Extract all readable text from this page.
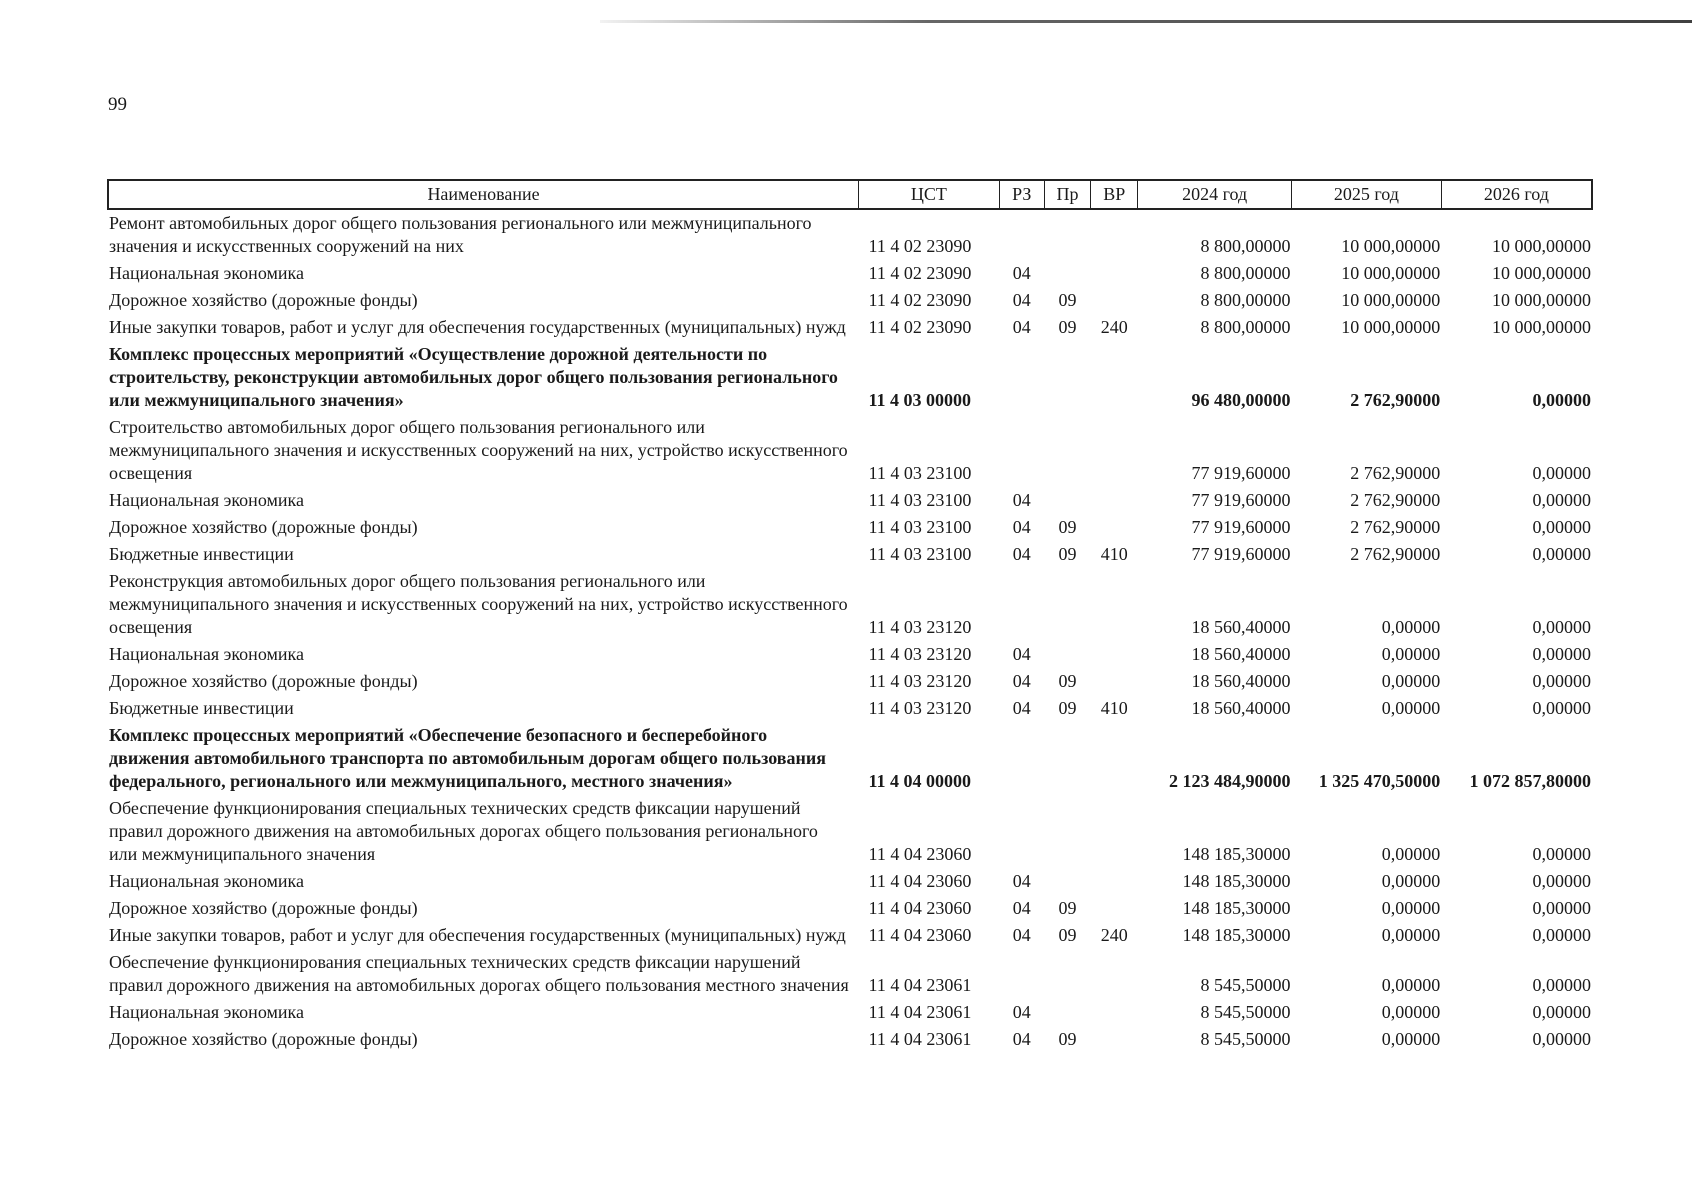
99
Наименование	ЦСТ	РЗ	Пр	ВР	2024 год	2025 год	2026 год
Ремонт автомобильных дорог общего пользования регионального или межмуниципального значения и искусственных сооружений на них	11 4 02 23090				8 800,00000	10 000,00000	10 000,00000
Национальная экономика	11 4 02 23090	04			8 800,00000	10 000,00000	10 000,00000
Дорожное хозяйство (дорожные фонды)	11 4 02 23090	04	09		8 800,00000	10 000,00000	10 000,00000
Иные закупки товаров, работ и услуг для обеспечения государственных (муниципальных) нужд	11 4 02 23090	04	09	240	8 800,00000	10 000,00000	10 000,00000
Комплекс процессных мероприятий «Осуществление дорожной деятельности по строительству, реконструкции автомобильных дорог общего пользования регионального или межмуниципального значения»	11 4 03 00000				96 480,00000	2 762,90000	0,00000
Строительство автомобильных дорог общего пользования регионального или межмуниципального значения и искусственных сооружений на них, устройство искусственного освещения	11 4 03 23100				77 919,60000	2 762,90000	0,00000
Национальная экономика	11 4 03 23100	04			77 919,60000	2 762,90000	0,00000
Дорожное хозяйство (дорожные фонды)	11 4 03 23100	04	09		77 919,60000	2 762,90000	0,00000
Бюджетные инвестиции	11 4 03 23100	04	09	410	77 919,60000	2 762,90000	0,00000
Реконструкция автомобильных дорог общего пользования регионального или межмуниципального значения и искусственных сооружений на них, устройство искусственного освещения	11 4 03 23120				18 560,40000	0,00000	0,00000
Национальная экономика	11 4 03 23120	04			18 560,40000	0,00000	0,00000
Дорожное хозяйство (дорожные фонды)	11 4 03 23120	04	09		18 560,40000	0,00000	0,00000
Бюджетные инвестиции	11 4 03 23120	04	09	410	18 560,40000	0,00000	0,00000
Комплекс процессных мероприятий «Обеспечение безопасного и бесперебойного движения автомобильного транспорта по автомобильным дорогам общего пользования федерального, регионального или межмуниципального, местного значения»	11 4 04 00000				2 123 484,90000	1 325 470,50000	1 072 857,80000
Обеспечение функционирования специальных технических средств фиксации нарушений правил дорожного движения на автомобильных дорогах общего пользования регионального или межмуниципального значения	11 4 04 23060				148 185,30000	0,00000	0,00000
Национальная экономика	11 4 04 23060	04			148 185,30000	0,00000	0,00000
Дорожное хозяйство (дорожные фонды)	11 4 04 23060	04	09		148 185,30000	0,00000	0,00000
Иные закупки товаров, работ и услуг для обеспечения государственных (муниципальных) нужд	11 4 04 23060	04	09	240	148 185,30000	0,00000	0,00000
Обеспечение функционирования специальных технических средств фиксации нарушений правил дорожного движения на автомобильных дорогах общего пользования местного значения	11 4 04 23061				8 545,50000	0,00000	0,00000
Национальная экономика	11 4 04 23061	04			8 545,50000	0,00000	0,00000
Дорожное хозяйство (дорожные фонды)	11 4 04 23061	04	09		8 545,50000	0,00000	0,00000
